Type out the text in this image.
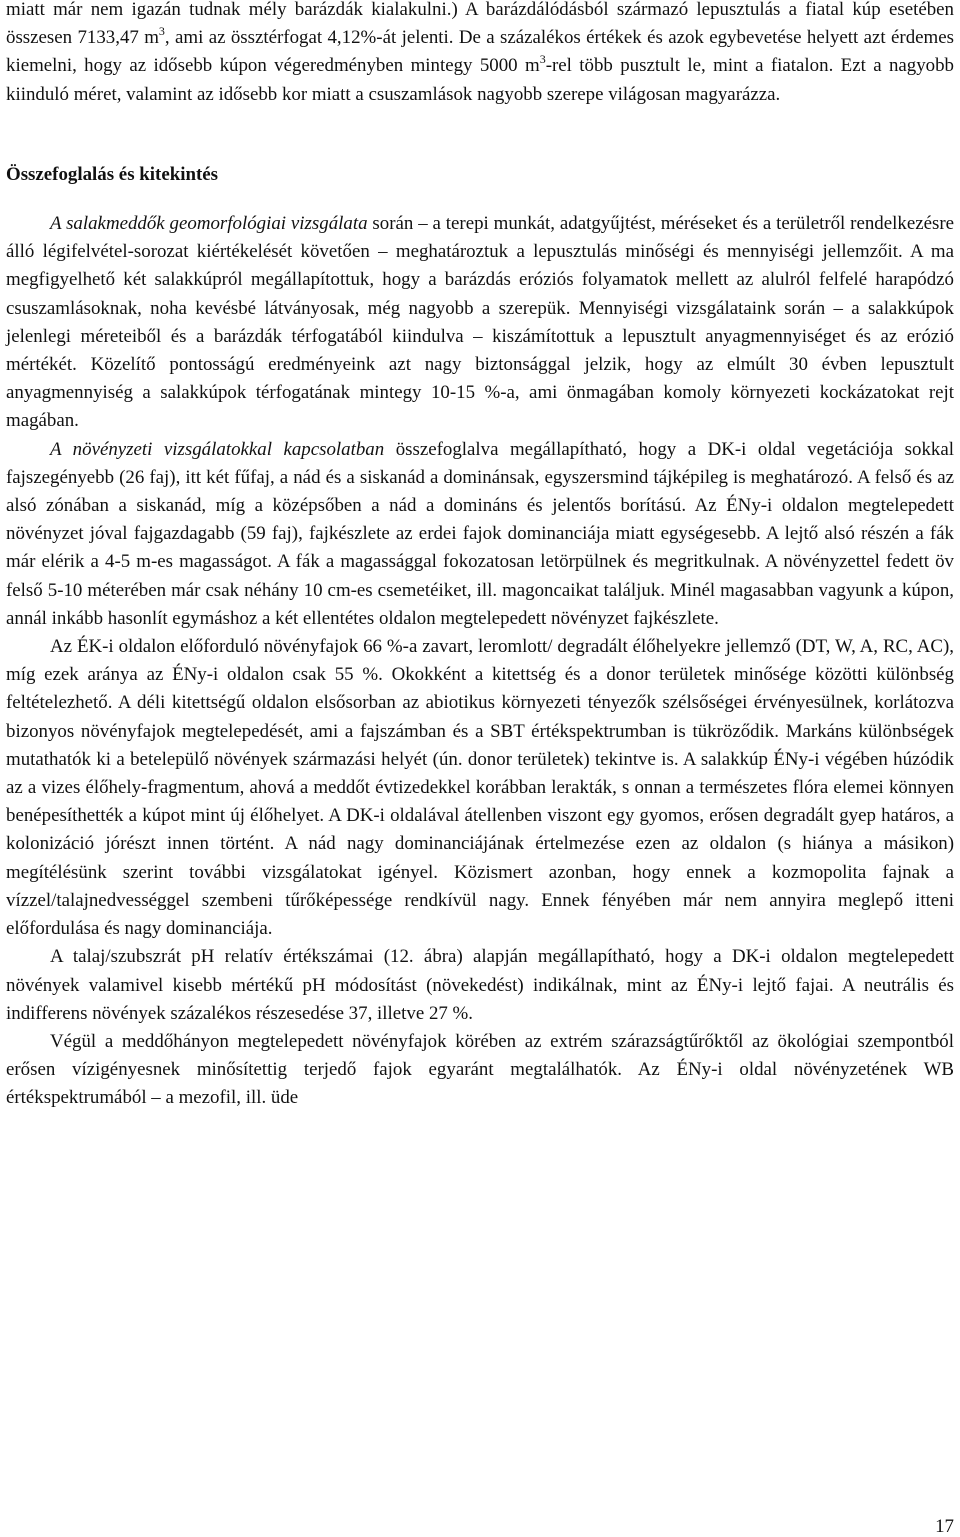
miatt már nem igazán tudnak mély barázdák kialakulni.) A barázdálódásból származó lepusztulás a fiatal kúp esetében összesen 7133,47 $m^3$, ami az össztérfogat 4,12%-át jelenti. De a százalékos értékek és azok egybevetése helyett azt érdemes kiemelni, hogy az idősebb kúpon végeredményben mintegy 5000 $m^3$-rel több pusztult le, mint a fiatalon. Ezt a nagyobb kiinduló méret, valamint az idősebb kor miatt a csuszamlások nagyobb szerepe világosan magyarázza.

Összefoglalás és kitekintés

A salakmeddők geomorfológiai vizsgálata során – a terepi munkát, adatgyűjtést, méréseket és a területről rendelkezésre álló légifelvétel-sorozat kiértékelését követően – meghatároztuk a lepusztulás minőségi és mennyiségi jellemzőit. A ma megfigyelhető két salakkúpról megállapítottuk, hogy a barázdás eróziós folyamatok mellett az alulról felfelé harapódzó csuszamlásoknak, noha kevésbé látványosak, még nagyobb a szerepük. Mennyiségi vizsgálataink során – a salakkúpok jelenlegi méreteiből és a barázdák térfogatából kiindulva – kiszámítottuk a lepusztult anyagmennyiséget és az erózió mértékét. Közelítő pontosságú eredményeink azt nagy biztonsággal jelzik, hogy az elmúlt 30 évben lepusztult anyagmennyiség a salakkúpok térfogatának mintegy 10-15 %-a, ami önmagában komoly környezeti kockázatokat rejt magában.

A növényzeti vizsgálatokkal kapcsolatban összefoglalva megállapítható, hogy a DK-i oldal vegetációja sokkal fajszegényebb (26 faj), itt két fűfaj, a nád és a siskanád a dominánsak, egyszersmind tájképileg is meghatározó. A felső és az alsó zónában a siskanád, míg a középsőben a nád a domináns és jelentős borítású. Az ÉNy-i oldalon megtelepedett növényzet jóval fajgazdagabb (59 faj), fajkészlete az erdei fajok dominanciája miatt egységesebb. A lejtő alsó részén a fák már elérik a 4-5 m-es magasságot. A fák a magassággal fokozatosan letörpülnek és megritkulnak. A növényzettel fedett öv felső 5-10 méterében már csak néhány 10 cm-es csemetéiket, ill. magoncaikat találjuk. Minél magasabban vagyunk a kúpon, annál inkább hasonlít egymáshoz a két ellentétes oldalon megtelepedett növényzet fajkészlete.

Az ÉK-i oldalon előforduló növényfajok 66 %-a zavart, leromlott/ degradált élőhelyekre jellemző (DT, W, A, RC, AC), míg ezek aránya az ÉNy-i oldalon csak 55 %. Okokként a kitettség és a donor területek minősége közötti különbség feltételezhető. A déli kitettségű oldalon elsősorban az abiotikus környezeti tényezők szélsőségei érvényesülnek, korlátozva bizonyos növényfajok megtelepedését, ami a fajszámban és a SBT értékspektrumban is tükröződik. Markáns különbségek mutathatók ki a betelepülő növények származási helyét (ún. donor területek) tekintve is. A salakkúp ÉNy-i végében húzódik az a vizes élőhely-fragmentum, ahová a meddőt évtizedekkel korábban lerakták, s onnan a természetes flóra elemei könnyen benépesíthették a kúpot mint új élőhelyet. A DK-i oldalával átellenben viszont egy gyomos, erősen degradált gyep határos, a kolonizáció jórészt innen történt. A nád nagy dominanciájának értelmezése ezen az oldalon (s hiánya a másikon) megítélésünk szerint további vizsgálatokat igényel. Közismert azonban, hogy ennek a kozmopolita fajnak a vízzel/talajnedvességgel szembeni tűrőképessége rendkívül nagy. Ennek fényében már nem annyira meglepő itteni előfordulása és nagy dominanciája.

A talaj/szubszrát pH relatív értékszámai (12. ábra) alapján megállapítható, hogy a DK-i oldalon megtelepedett növények valamivel kisebb mértékű pH módosítást (növekedést) indikálnak, mint az ÉNy-i lejtő fajai. A neutrális és indifferens növények százalékos részesedése 37, illetve 27 %.

Végül a meddőhányon megtelepedett növényfajok körében az extrém szárazságtűrőktől az ökológiai szempontból erősen vízigényesnek minősítettig terjedő fajok egyaránt megtalálhatók. Az ÉNy-i oldal növényzetének WB értékspektrumából – a mezofil, ill. üde

17
